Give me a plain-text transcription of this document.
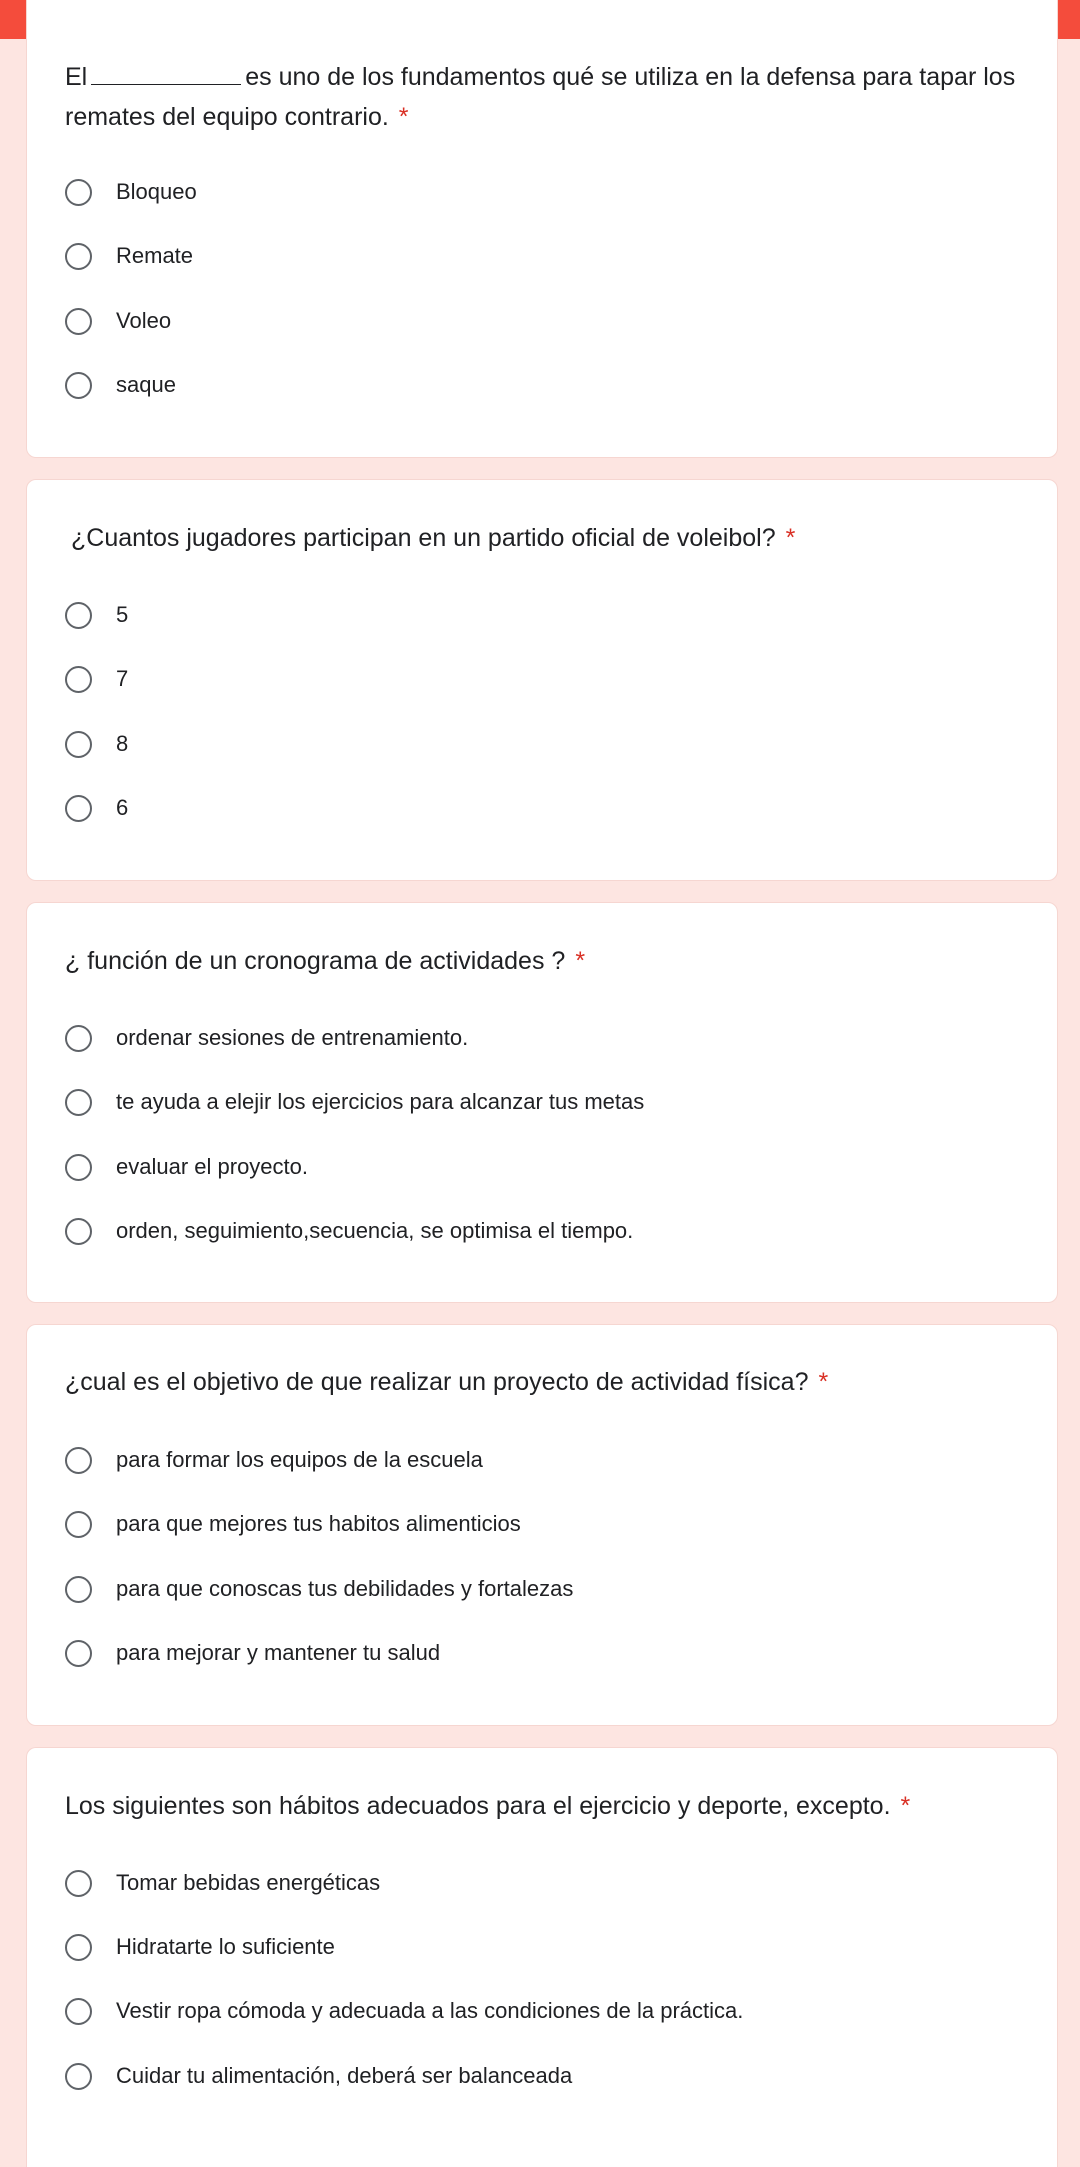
El	es uno de los fundamentos qué se utiliza en la defensa para tapar los remates del equipo contrario. *
Bloqueo
Remate
Voleo
saque
¿Cuantos jugadores participan en un partido oficial de voleibol? *
5
7
8
6
¿ función de un cronograma de actividades ? *
ordenar sesiones de entrenamiento.
te ayuda a elejir los ejercicios para alcanzar tus metas
evaluar el proyecto.
orden, seguimiento,secuencia, se optimisa el tiempo.
¿cual es el objetivo de que realizar un proyecto de actividad física? *
para formar los equipos de la escuela
para que mejores tus habitos alimenticios
para que conoscas tus debilidades y fortalezas
para mejorar y mantener tu salud
Los siguientes son hábitos adecuados para el ejercicio y deporte, excepto. *
Tomar bebidas energéticas
Hidratarte lo suficiente
Vestir ropa cómoda y adecuada a las condiciones de la práctica.
Cuidar tu alimentación, deberá ser balanceada
